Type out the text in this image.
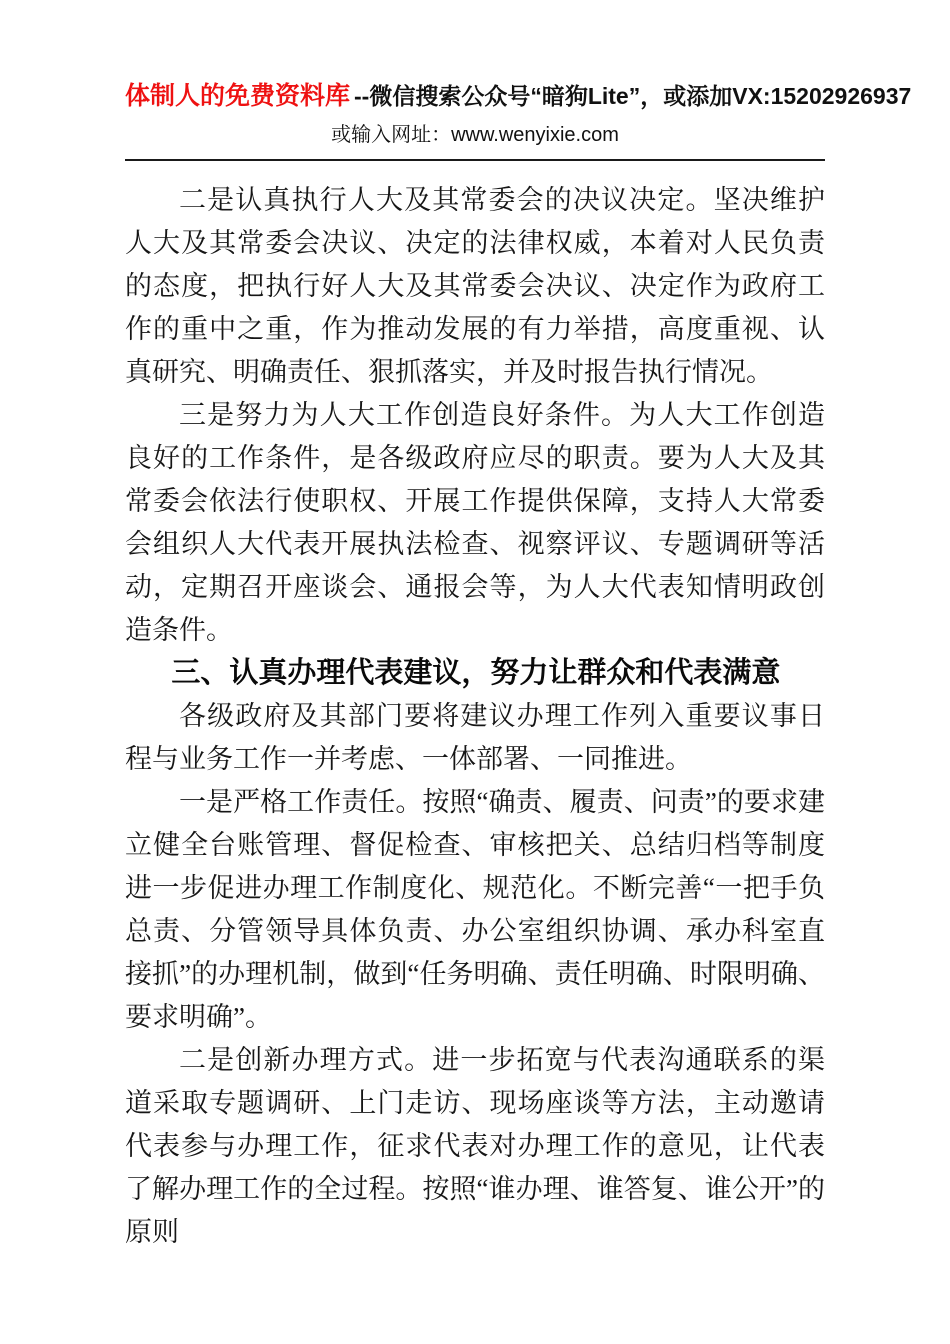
体制人的免费资料库 --微信搜索公众号“暗狗Lite”，或添加VX:15202926937
或输入网址：www.wenyixie.com

二是认真执行人大及其常委会的决议决定。坚决维护人大及其常委会决议、决定的法律权威，本着对人民负责的态度，把执行好人大及其常委会决议、决定作为政府工作的重中之重，作为推动发展的有力举措，高度重视、认真研究、明确责任、狠抓落实，并及时报告执行情况。

三是努力为人大工作创造良好条件。为人大工作创造良好的工作条件，是各级政府应尽的职责。要为人大及其常委会依法行使职权、开展工作提供保障，支持人大常委会组织人大代表开展执法检查、视察评议、专题调研等活动，定期召开座谈会、通报会等，为人大代表知情明政创造条件。

三、认真办理代表建议，努力让群众和代表满意

各级政府及其部门要将建议办理工作列入重要议事日程与业务工作一并考虑、一体部署、一同推进。

一是严格工作责任。按照“确责、履责、问责”的要求建立健全台账管理、督促检查、审核把关、总结归档等制度进一步促进办理工作制度化、规范化。不断完善“一把手负总责、分管领导具体负责、办公室组织协调、承办科室直接抓”的办理机制，做到“任务明确、责任明确、时限明确、要求明确”。

二是创新办理方式。进一步拓宽与代表沟通联系的渠道采取专题调研、上门走访、现场座谈等方法，主动邀请代表参与办理工作，征求代表对办理工作的意见，让代表了解办理工作的全过程。按照“谁办理、谁答复、谁公开”的原则
